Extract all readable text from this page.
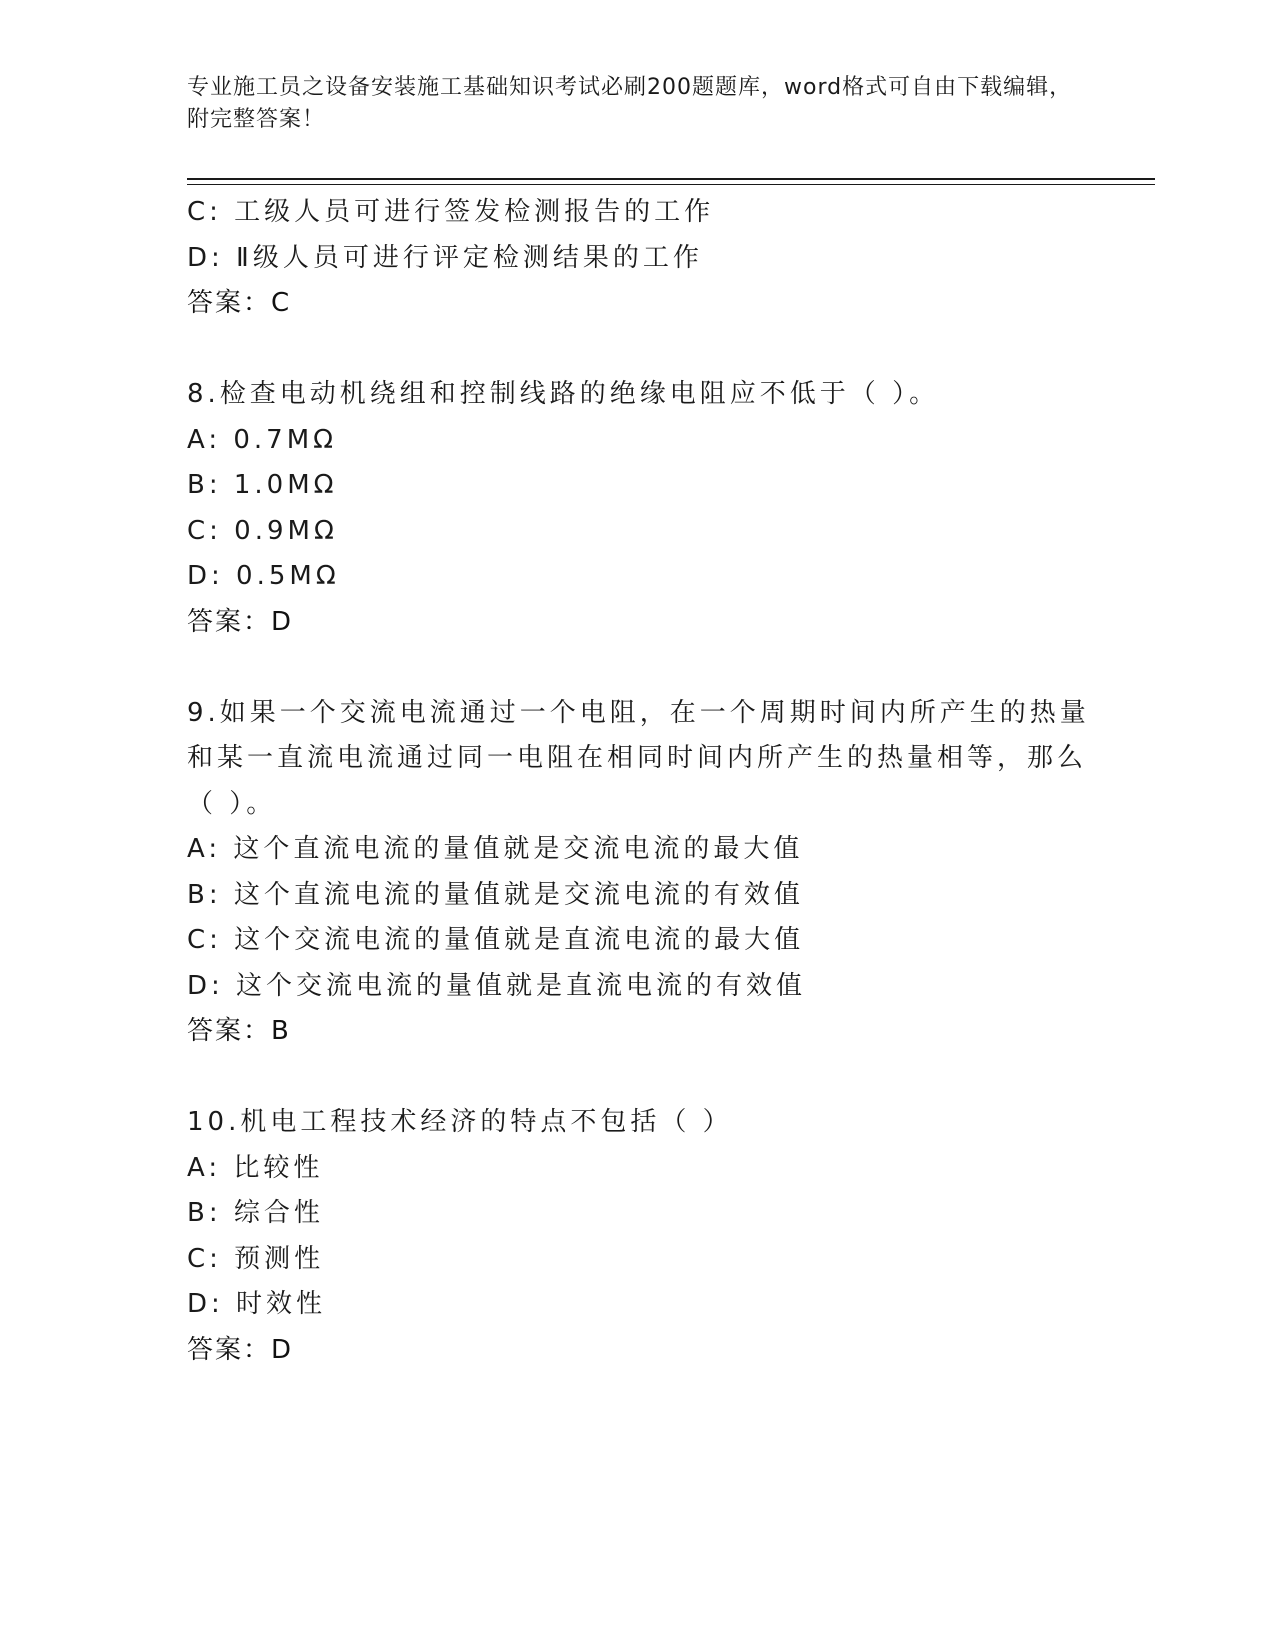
专业施工员之设备安装施工基础知识考试必刷200题题库，word格式可自由下载编辑，附完整答案！
C: 工级人员可进行签发检测报告的工作
D: Ⅱ级人员可进行评定检测结果的工作
答案：C
8.检查电动机绕组和控制线路的绝缘电阻应不低于（ ）。
A: 0.7MΩ
B: 1.0MΩ
C: 0.9MΩ
D: 0.5MΩ
答案：D
9.如果一个交流电流通过一个电阻，在一个周期时间内所产生的热量
和某一直流电流通过同一电阻在相同时间内所产生的热量相等，那么
（ ）。
A: 这个直流电流的量值就是交流电流的最大值
B: 这个直流电流的量值就是交流电流的有效值
C: 这个交流电流的量值就是直流电流的最大值
D: 这个交流电流的量值就是直流电流的有效值
答案：B
10.机电工程技术经济的特点不包括（ ）
A: 比较性
B: 综合性
C: 预测性
D: 时效性
答案：D
